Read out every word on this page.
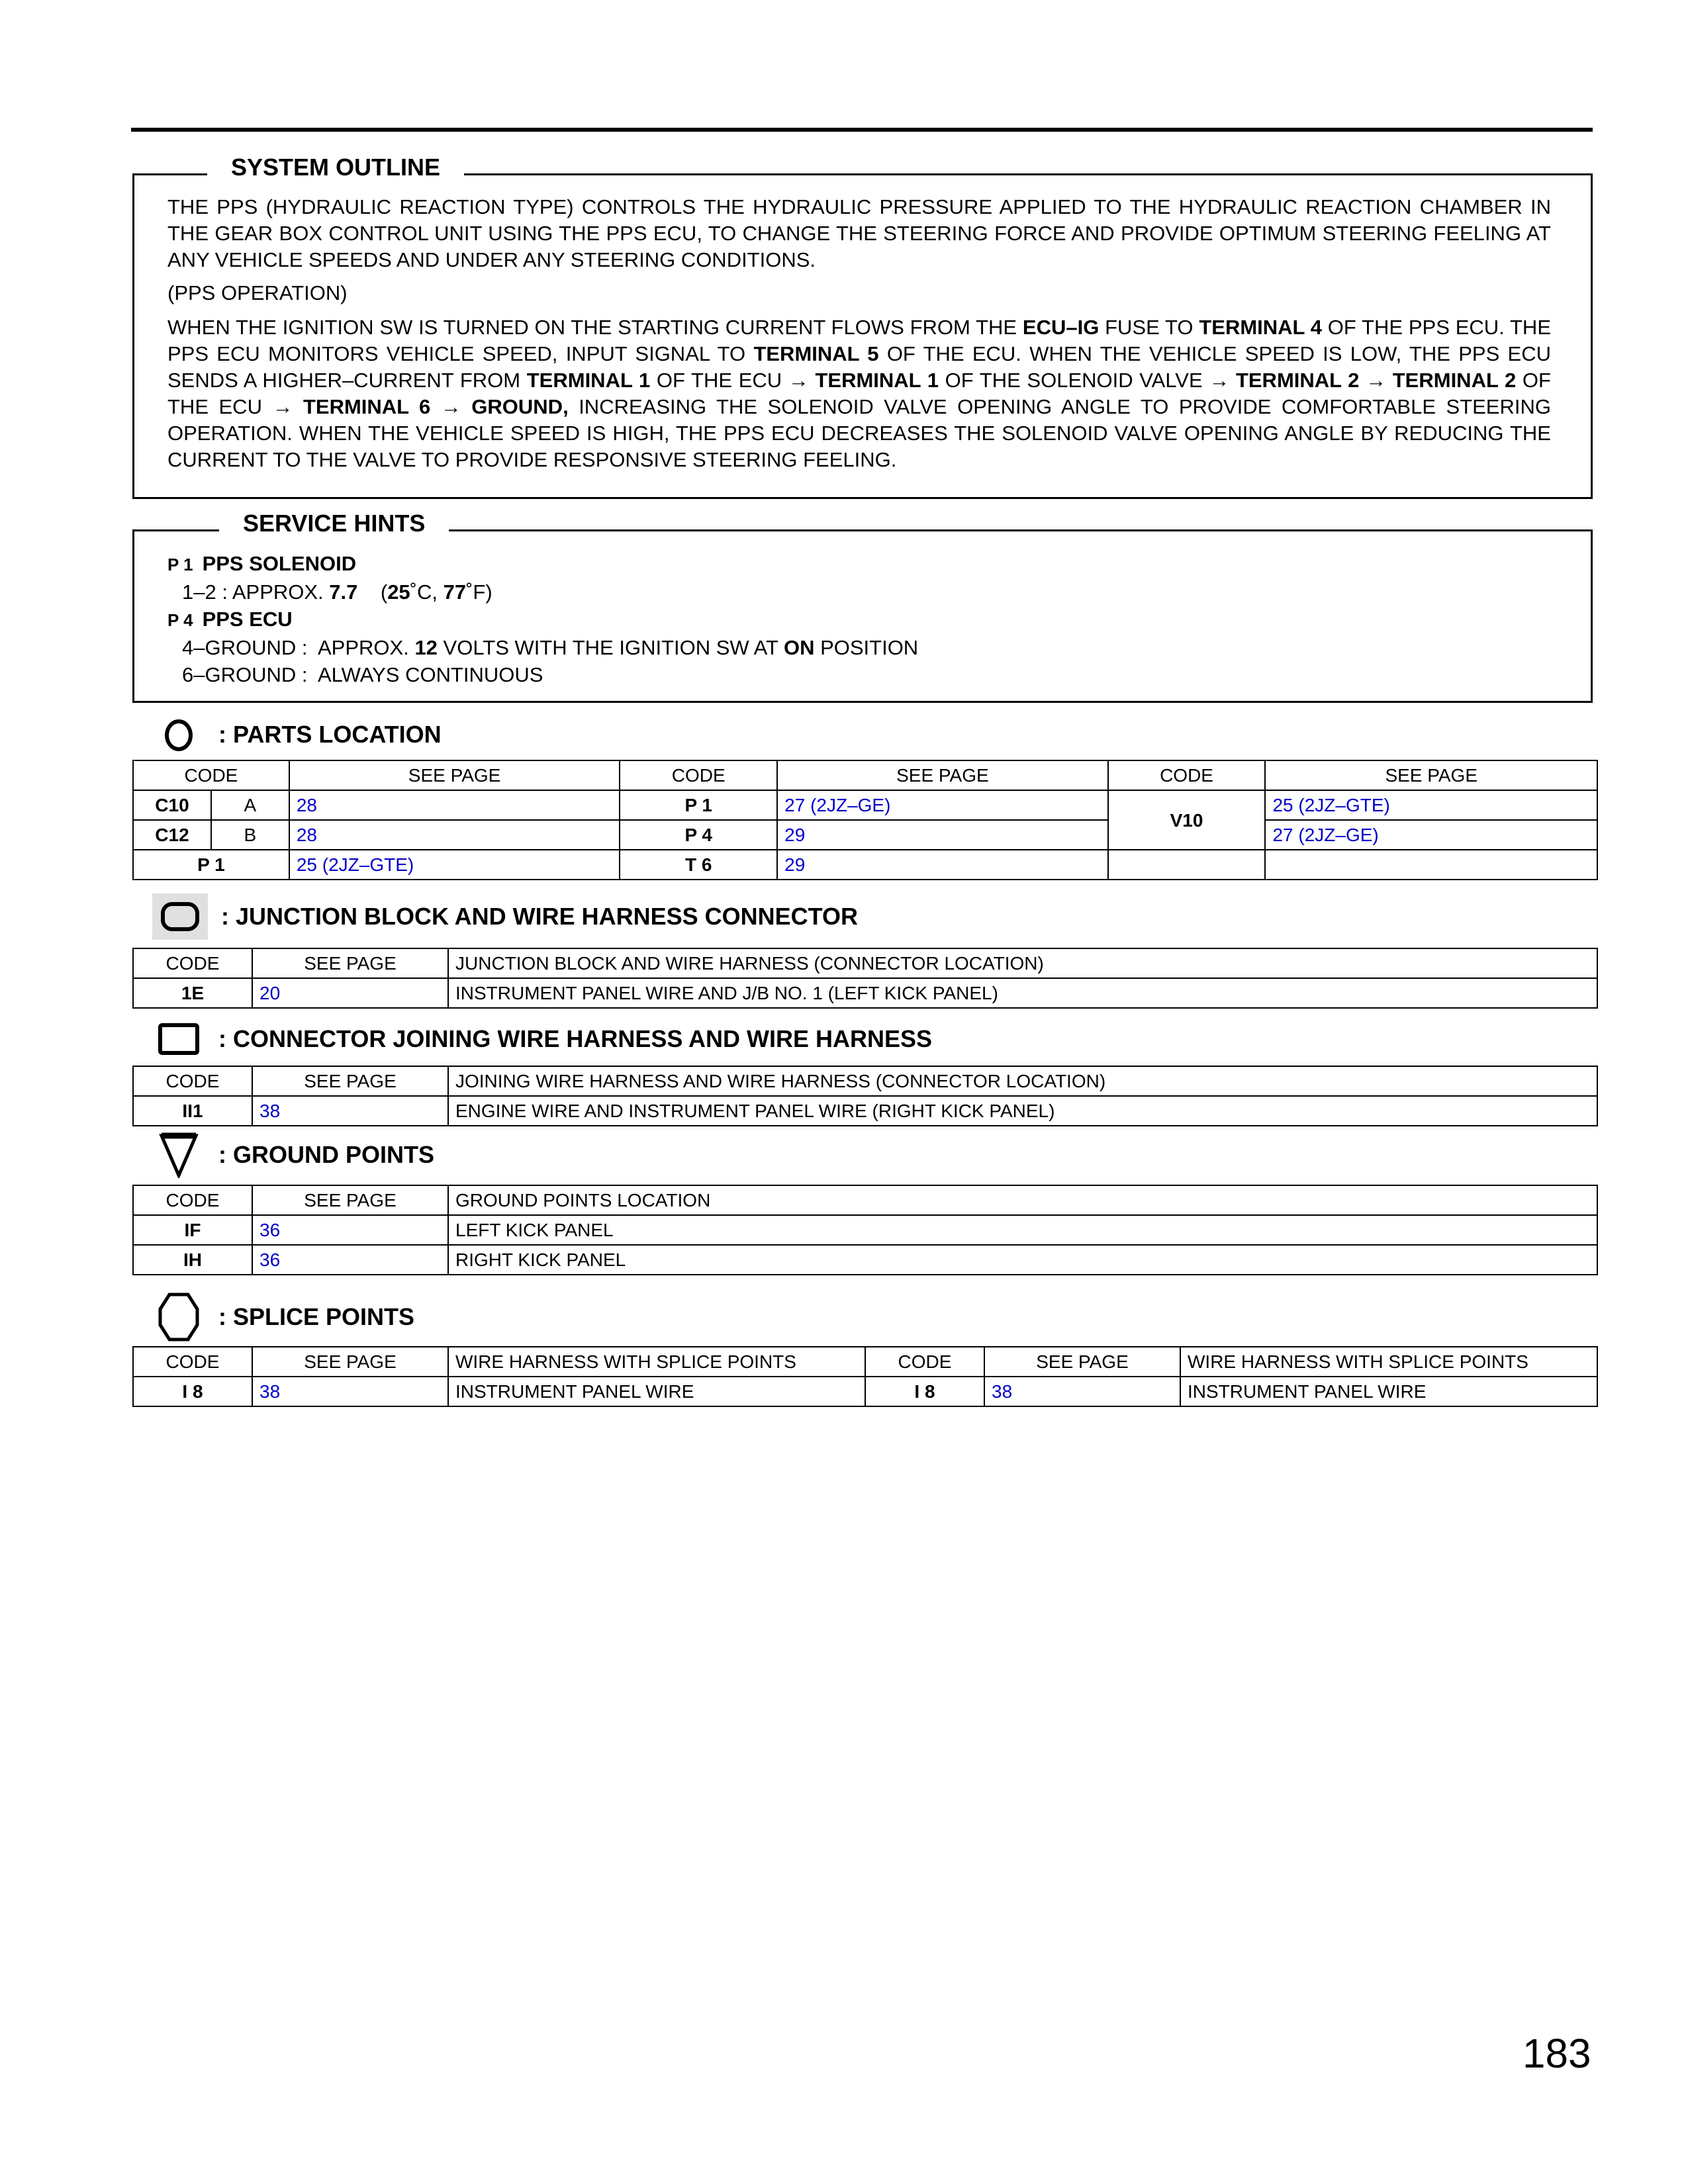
SYSTEM OUTLINE

THE PPS (HYDRAULIC REACTION TYPE) CONTROLS THE HYDRAULIC PRESSURE APPLIED TO THE HYDRAULIC REACTION CHAMBER IN THE GEAR BOX CONTROL UNIT USING THE PPS ECU, TO CHANGE THE STEERING FORCE AND PROVIDE OPTIMUM STEERING FEELING AT ANY VEHICLE SPEEDS AND UNDER ANY STEERING CONDITIONS.

(PPS OPERATION)

WHEN THE IGNITION SW IS TURNED ON THE STARTING CURRENT FLOWS FROM THE ECU–IG FUSE TO TERMINAL 4 OF THE PPS ECU. THE PPS ECU MONITORS VEHICLE SPEED, INPUT SIGNAL TO TERMINAL 5 OF THE ECU. WHEN THE VEHICLE SPEED IS LOW, THE PPS ECU SENDS A HIGHER–CURRENT FROM TERMINAL 1 OF THE ECU → TERMINAL 1 OF THE SOLENOID VALVE → TERMINAL 2 → TERMINAL 2 OF THE ECU → TERMINAL 6 → GROUND, INCREASING THE SOLENOID VALVE OPENING ANGLE TO PROVIDE COMFORTABLE STEERING OPERATION. WHEN THE VEHICLE SPEED IS HIGH, THE PPS ECU DECREASES THE SOLENOID VALVE OPENING ANGLE BY REDUCING THE CURRENT TO THE VALVE TO PROVIDE RESPONSIVE STEERING FEELING.

SERVICE HINTS
P 1 PPS SOLENOID
1–2 : APPROX. 7.7    (25˚C, 77˚F)
P 4 PPS ECU
4–GROUND :  APPROX. 12 VOLTS WITH THE IGNITION SW AT ON POSITION
6–GROUND :  ALWAYS CONTINUOUS
: PARTS LOCATION
CODE		SEE PAGE	CODE	SEE PAGE	CODE	SEE PAGE
C10	A	28	P 1	27 (2JZ–GE)	V10	25 (2JZ–GTE)
C12	B	28	P 4	29		27 (2JZ–GE)
P 1		25 (2JZ–GTE)	T 6	29		
: JUNCTION BLOCK AND WIRE HARNESS CONNECTOR
CODE	SEE PAGE	JUNCTION BLOCK AND WIRE HARNESS (CONNECTOR LOCATION)
1E	20	INSTRUMENT PANEL WIRE AND J/B NO. 1 (LEFT KICK PANEL)
: CONNECTOR JOINING WIRE HARNESS AND WIRE HARNESS
CODE	SEE PAGE	JOINING WIRE HARNESS AND WIRE HARNESS (CONNECTOR LOCATION)
II1	38	ENGINE WIRE AND INSTRUMENT PANEL WIRE (RIGHT KICK PANEL)
: GROUND POINTS
CODE	SEE PAGE	GROUND POINTS LOCATION
IF	36	LEFT KICK PANEL
IH	36	RIGHT KICK PANEL
: SPLICE POINTS
CODE	SEE PAGE	WIRE HARNESS WITH SPLICE POINTS	CODE	SEE PAGE	WIRE HARNESS WITH SPLICE POINTS
I 8	38	INSTRUMENT PANEL WIRE	I 8	38	INSTRUMENT PANEL WIRE
183
